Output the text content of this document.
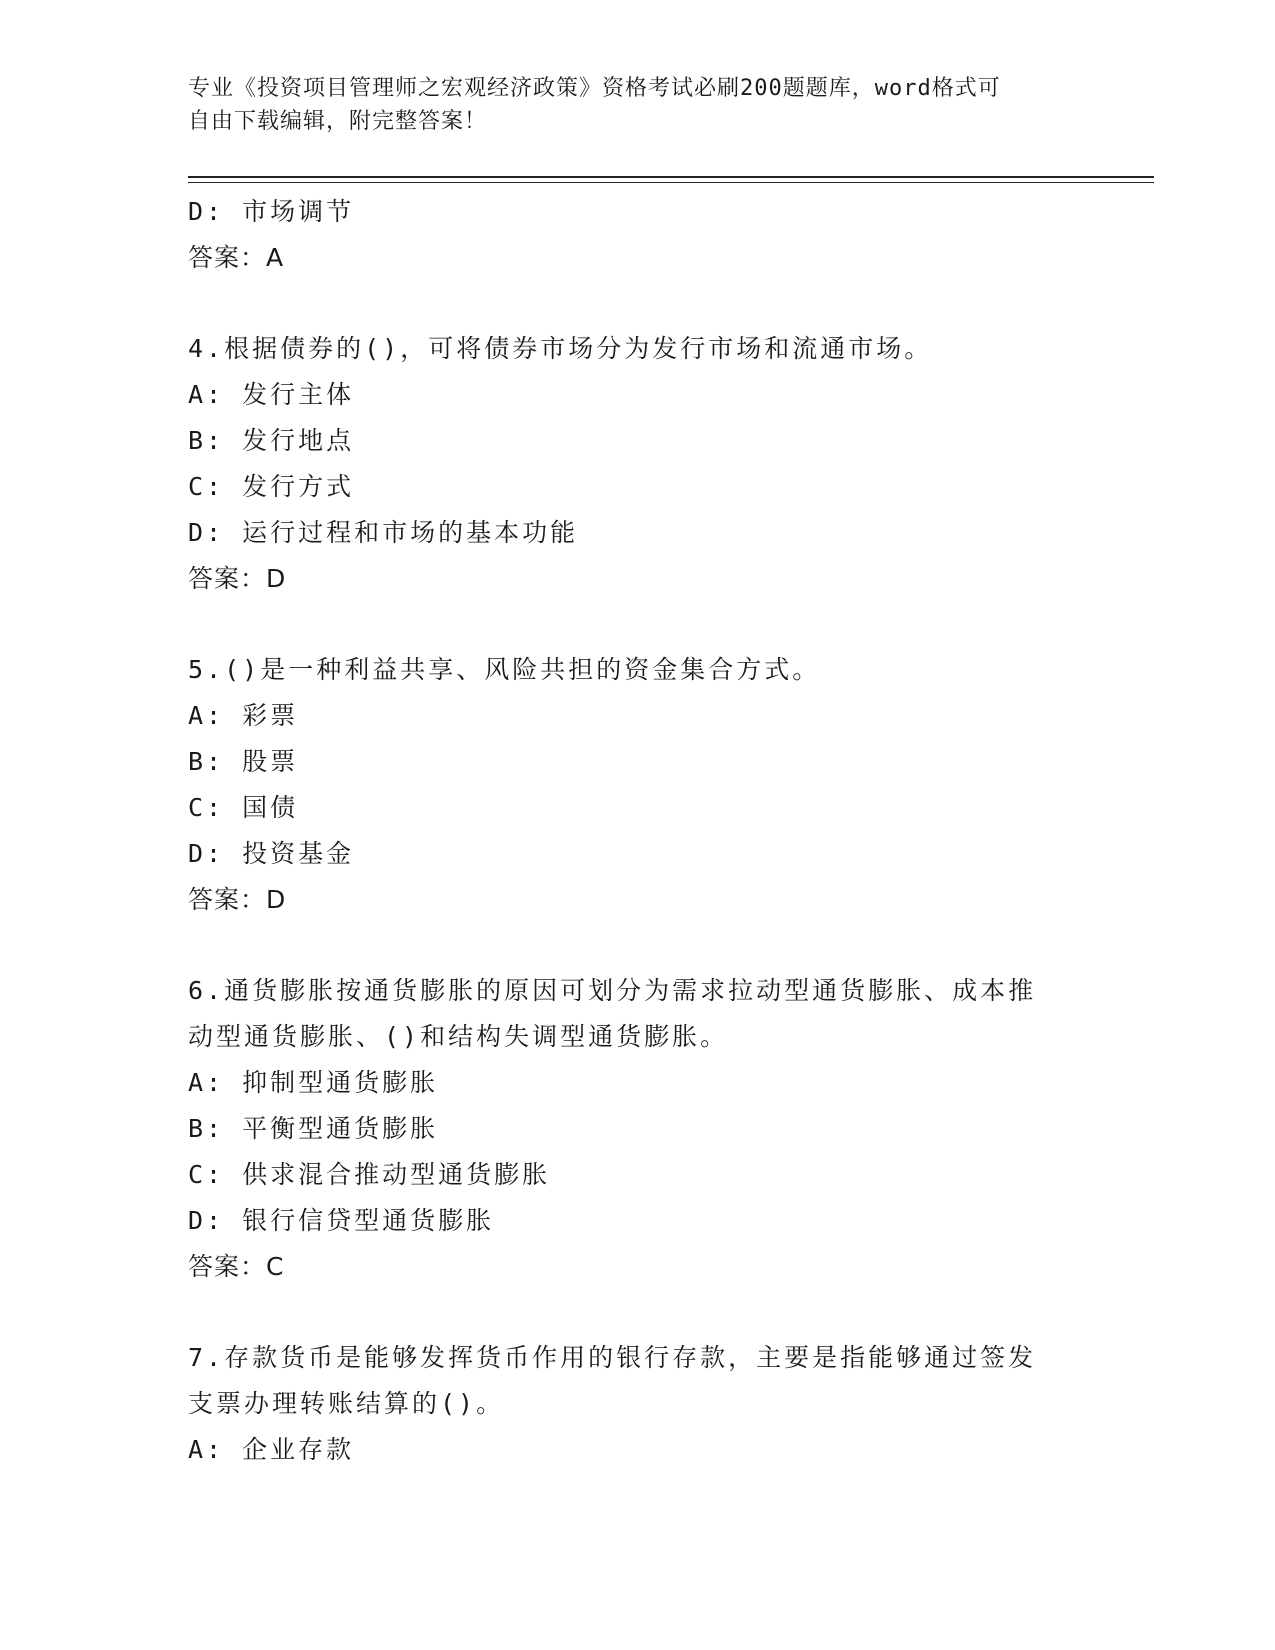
专业《投资项目管理师之宏观经济政策》资格考试必刷200题题库，word格式可
自由下载编辑，附完整答案！
D: 市场调节
答案：A
4.根据债券的()，可将债券市场分为发行市场和流通市场。
A: 发行主体
B: 发行地点
C: 发行方式
D: 运行过程和市场的基本功能
答案：D
5.()是一种利益共享、风险共担的资金集合方式。
A: 彩票
B: 股票
C: 国债
D: 投资基金
答案：D
6.通货膨胀按通货膨胀的原因可划分为需求拉动型通货膨胀、成本推
动型通货膨胀、()和结构失调型通货膨胀。
A: 抑制型通货膨胀
B: 平衡型通货膨胀
C: 供求混合推动型通货膨胀
D: 银行信贷型通货膨胀
答案：C
7.存款货币是能够发挥货币作用的银行存款，主要是指能够通过签发
支票办理转账结算的()。
A: 企业存款
